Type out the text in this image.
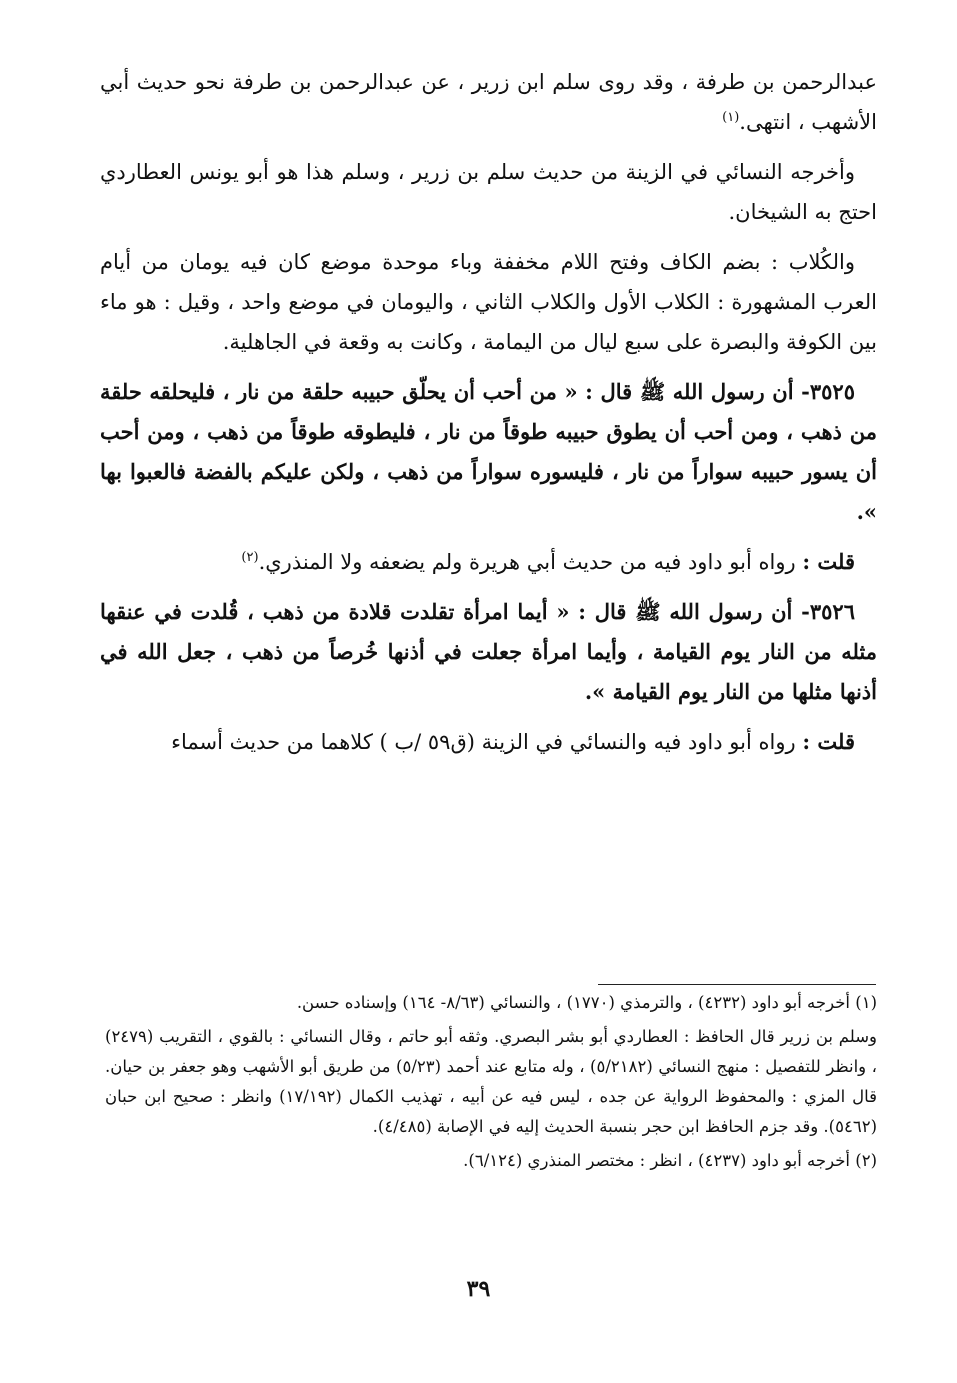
عبدالرحمن بن طرفة ، وقد روى سلم ابن زرير ، عن عبدالرحمن بن طرفة نحو حديث أبي الأشهب ، انتهى.$^{(١)}$

وأخرجه النسائي في الزينة من حديث سلم بن زرير ، وسلم هذا هو أبو يونس العطاردي احتج به الشيخان.

والكُلاب : بضم الكاف وفتح اللام مخففة وباء موحدة موضع كان فيه يومان من أيام العرب المشهورة : الكلاب الأول والكلاب الثاني ، واليومان في موضع واحد ، وقيل : هو ماء بين الكوفة والبصرة على سبع ليال من اليمامة ، وكانت به وقعة في الجاهلية.

٣٥٢٥- أن رسول الله ﷺ قال : « من أحب أن يحلّق حبيبه حلقة من نار ، فليحلقه حلقة من ذهب ، ومن أحب أن يطوق حبيبه طوقاً من نار ، فليطوقه طوقاً من ذهب ، ومن أحب أن يسور حبيبه سواراً من نار ، فليسوره سواراً من ذهب ، ولكن عليكم بالفضة فالعبوا بها ».

قلت : رواه أبو داود فيه من حديث أبي هريرة ولم يضعفه ولا المنذري.$^{(٢)}$

٣٥٢٦- أن رسول الله ﷺ قال : « أيما امرأة تقلدت قلادة من ذهب ، قُلدت في عنقها مثله من النار يوم القيامة ، وأيما امرأة جعلت في أذنها خُرصاً من ذهب ، جعل الله في أذنها مثلها من النار يوم القيامة ».

قلت : رواه أبو داود فيه والنسائي في الزينة (ق٥٩ /ب ) كلاهما من حديث أسماء

(١) أخرجه أبو داود (٤٢٣٢) ، والترمذي (١٧٧٠) ، والنسائي (٨/٦٣- ١٦٤) وإسناده حسن.

وسلم بن زرير قال الحافظ : العطاردي أبو بشر البصري. وثقه أبو حاتم ، وقال النسائي : بالقوي ، التقريب (٢٤٧٩) ، وانظر للتفصيل : منهج النسائي (٥/٢١٨٢) ، وله متابع عند أحمد (٥/٢٣) من طريق أبو الأشهب وهو جعفر بن حيان. قال المزي : والمحفوظ الرواية عن جده ، ليس فيه عن أبيه ، تهذيب الكمال (١٧/١٩٢) وانظر : صحيح ابن حبان (٥٤٦٢). وقد جزم الحافظ ابن حجر بنسبة الحديث إليه في الإصابة (٤/٤٨٥).

(٢) أخرجه أبو داود (٤٢٣٧) ، انظر : مختصر المنذري (٦/١٢٤).

٣٩
